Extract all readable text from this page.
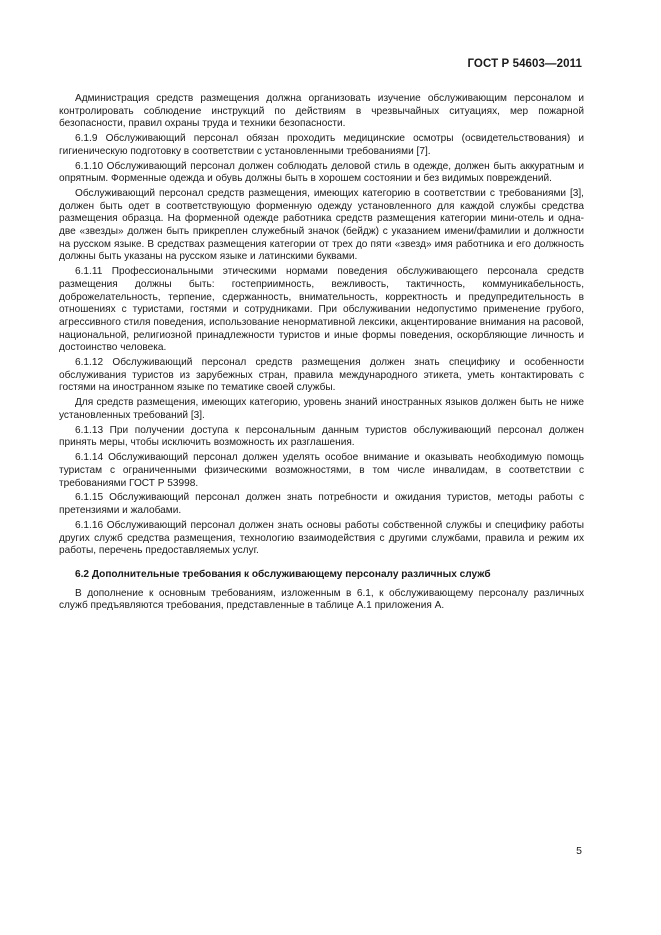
ГОСТ Р 54603—2011

Администрация средств размещения должна организовать изучение обслуживающим персоналом и контролировать соблюдение инструкций по действиям в чрезвычайных ситуациях, мер пожарной безопасности, правил охраны труда и техники безопасности.

6.1.9 Обслуживающий персонал обязан проходить медицинские осмотры (освидетельствования) и гигиеническую подготовку в соответствии с установленными требованиями [7].

6.1.10 Обслуживающий персонал должен соблюдать деловой стиль в одежде, должен быть аккуратным и опрятным. Форменные одежда и обувь должны быть в хорошем состоянии и без видимых повреждений.

Обслуживающий персонал средств размещения, имеющих категорию в соответствии с требованиями [3], должен быть одет в соответствующую форменную одежду установленного для каждой службы средства размещения образца. На форменной одежде работника средств размещения категории мини-отель и одна-две «звезды» должен быть прикреплен служебный значок (бейдж) с указанием имени/фамилии и должности на русском языке. В средствах размещения категории от трех до пяти «звезд» имя работника и его должность должны быть указаны на русском языке и латинскими буквами.

6.1.11 Профессиональными этическими нормами поведения обслуживающего персонала средств размещения должны быть: гостеприимность, вежливость, тактичность, коммуникабельность, доброжелательность, терпение, сдержанность, внимательность, корректность и предупредительность в отношениях с туристами, гостями и сотрудниками. При обслуживании недопустимо применение грубого, агрессивного стиля поведения, использование ненормативной лексики, акцентирование внимания на расовой, национальной, религиозной принадлежности туристов и иные формы поведения, оскорбляющие личность и достоинство человека.

6.1.12 Обслуживающий персонал средств размещения должен знать специфику и особенности обслуживания туристов из зарубежных стран, правила международного этикета, уметь контактировать с гостями на иностранном языке по тематике своей службы.

Для средств размещения, имеющих категорию, уровень знаний иностранных языков должен быть не ниже установленных требований [3].

6.1.13 При получении доступа к персональным данным туристов обслуживающий персонал должен принять меры, чтобы исключить возможность их разглашения.

6.1.14 Обслуживающий персонал должен уделять особое внимание и оказывать необходимую помощь туристам с ограниченными физическими возможностями, в том числе инвалидам, в соответствии с требованиями ГОСТ Р 53998.

6.1.15 Обслуживающий персонал должен знать потребности и ожидания туристов, методы работы с претензиями и жалобами.

6.1.16 Обслуживающий персонал должен знать основы работы собственной службы и специфику работы других служб средства размещения, технологию взаимодействия с другими службами, правила и режим их работы, перечень предоставляемых услуг.

6.2 Дополнительные требования к обслуживающему персоналу различных служб

В дополнение к основным требованиям, изложенным в 6.1, к обслуживающему персоналу различных служб предъявляются требования, представленные в таблице А.1 приложения А.

5
